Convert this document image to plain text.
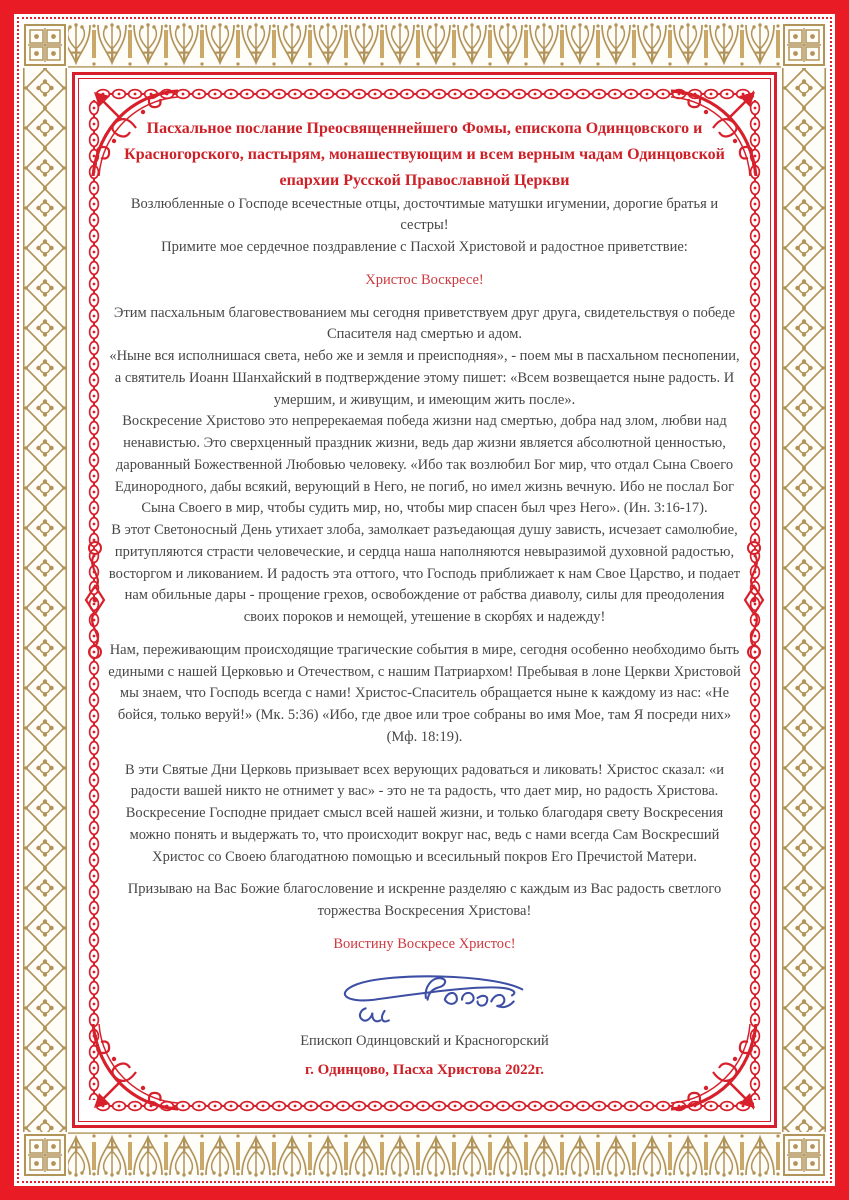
Пасхальное послание Преосвященнейшего Фомы, епископа Одинцовского и Красногорского, пастырям, монашествующим и всем верным чадам Одинцовской епархии Русской Православной Церкви

Возлюбленные о Господе всечестные отцы, досточтимые матушки игумении, дорогие братья и сестры!

Примите мое сердечное поздравление с Пасхой Христовой и радостное приветствие:

Христос Воскресе!

Этим пасхальным благовествованием мы сегодня приветствуем друг друга, свидетельствуя о победе Спасителя над смертью и адом.

«Ныне вся исполнишася света, небо же и земля и преисподняя», - поем мы в пасхальном песнопении, а святитель Иоанн Шанхайский в подтверждение этому пишет: «Всем возвещается ныне радость. И умершим, и живущим, и имеющим жить после».

Воскресение Христово это непререкаемая победа жизни над смертью, добра над злом, любви над ненавистью. Это сверхценный праздник жизни, ведь дар жизни является абсолютной ценностью, дарованный Божественной Любовью человеку. «Ибо так возлюбил Бог мир, что отдал Сына Своего Единородного, дабы всякий, верующий в Него, не погиб, но имел жизнь вечную. Ибо не послал Бог Сына Своего в мир, чтобы судить мир, но, чтобы мир спасен был чрез Него». (Ин. 3:16-17).

В этот Светоносный День утихает злоба, замолкает разъедающая душу зависть, исчезает самолюбие, притупляются страсти человеческие, и сердца наша наполняются невыразимой духовной радостью, восторгом и ликованием. И радость эта оттого, что Господь приближает к нам Свое Царство, и подает нам обильные дары - прощение грехов, освобождение от рабства диаволу, силы для преодоления своих пороков и немощей, утешение в скорбях и надежду!

Нам, переживающим происходящие трагические события в мире, сегодня особенно необходимо быть едиными с нашей Церковью и Отечеством, с нашим Патриархом! Пребывая в лоне Церкви Христовой мы знаем, что Господь всегда с нами! Христос-Спаситель обращается ныне к каждому из нас: «Не бойся, только веруй!» (Мк. 5:36) «Ибо, где двое или трое собраны во имя Мое, там Я посреди них» (Мф. 18:19).

В эти Святые Дни Церковь призывает всех верующих радоваться и ликовать! Христос сказал: «и радости вашей никто не отнимет у вас» - это не та радость, что дает мир, но радость Христова. Воскресение Господне придает смысл всей нашей жизни, и только благодаря свету Воскресения можно понять и выдержать то, что происходит вокруг нас, ведь с нами всегда Сам Воскресший Христос со Своею благодатною помощью и всесильный покров Его Пречистой Матери.

Призываю на Вас Божие благословение и искренне разделяю с каждым из Вас радость светлого торжества Воскресения Христова!

Воистину Воскресе Христос!

Епископ Одинцовский и Красногорский

г. Одинцово, Пасха Христова 2022г.
